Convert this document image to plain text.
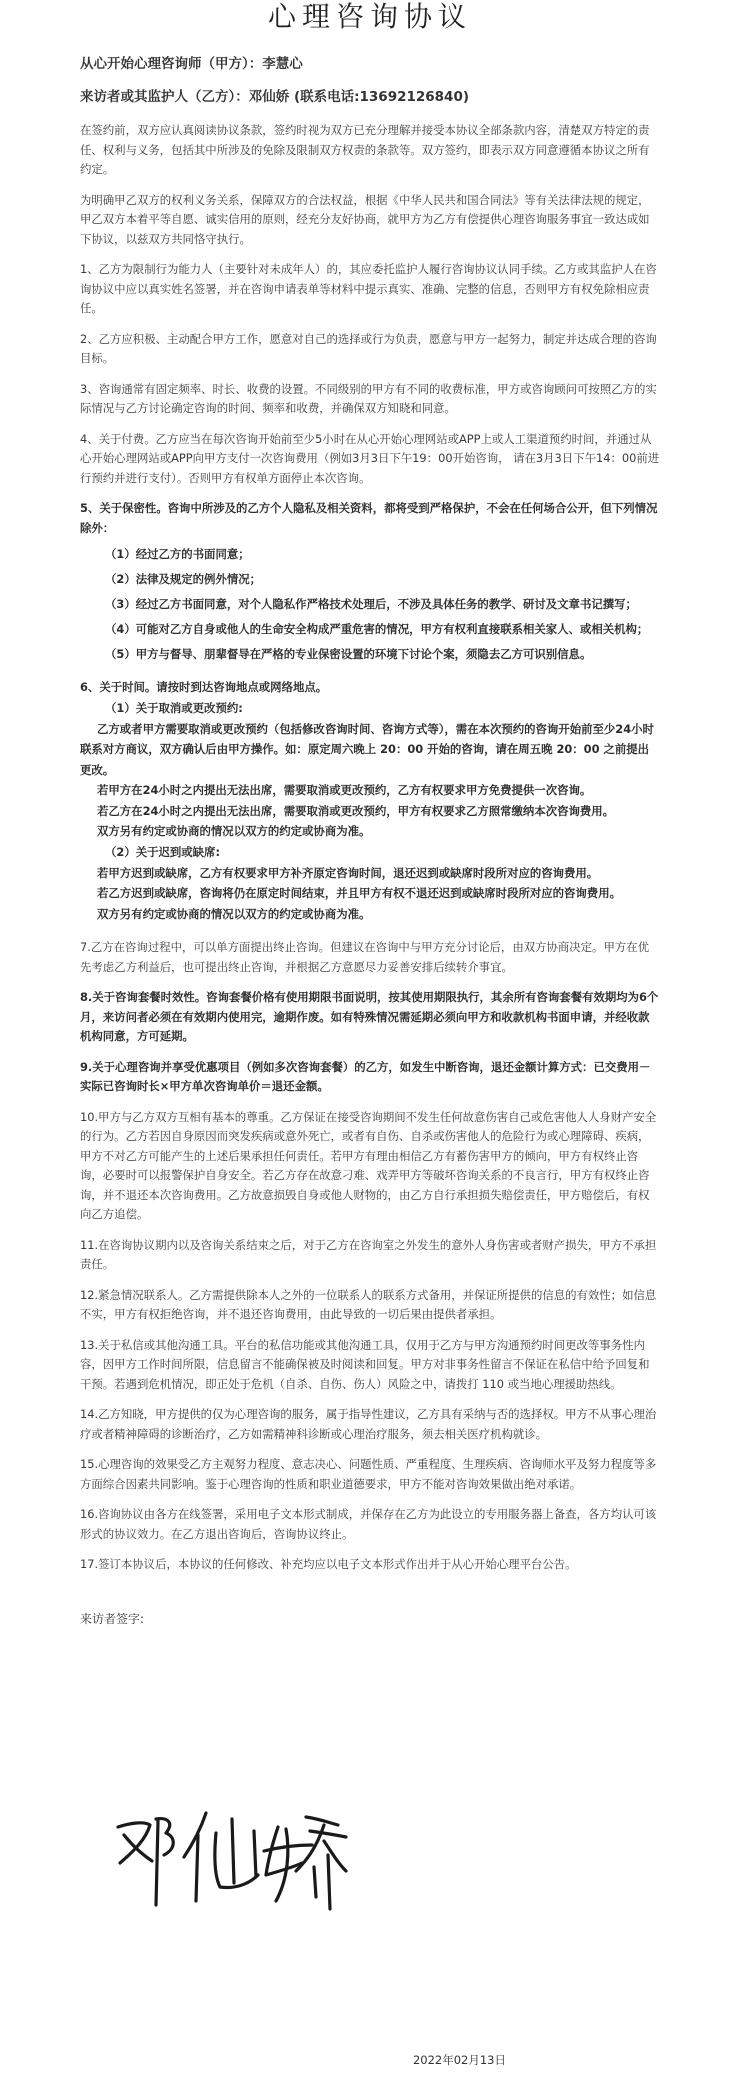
心理咨询协议

从心开始心理咨询师（甲方）：李慧心

来访者或其监护人（乙方）：邓仙娇 (联系电话:13692126840)

在签约前，双方应认真阅读协议条款，签约时视为双方已充分理解并接受本协议全部条款内容，清楚双方特定的责任、权利与义务，包括其中所涉及的免除及限制双方权责的条款等。双方签约，即表示双方同意遵循本协议之所有约定。

为明确甲乙双方的权利义务关系，保障双方的合法权益，根据《中华人民共和国合同法》等有关法律法规的规定，甲乙双方本着平等自愿、诚实信用的原则，经充分友好协商，就甲方为乙方有偿提供心理咨询服务事宜一致达成如下协议，以兹双方共同恪守执行。

1、乙方为限制行为能力人（主要针对未成年人）的，其应委托监护人履行咨询协议认同手续。乙方或其监护人在咨询协议中应以真实姓名签署，并在咨询申请表单等材料中提示真实、准确、完整的信息，否则甲方有权免除相应责任。

2、乙方应积极、主动配合甲方工作，愿意对自己的选择或行为负责，愿意与甲方一起努力，制定并达成合理的咨询目标。

3、咨询通常有固定频率、时长、收费的设置。不同级别的甲方有不同的收费标准，甲方或咨询顾问可按照乙方的实际情况与乙方讨论确定咨询的时间、频率和收费，并确保双方知晓和同意。

4、关于付费。乙方应当在每次咨询开始前至少5小时在从心开始心理网站或APP上或人工渠道预约时间，并通过从心开始心理网站或APP向甲方支付一次咨询费用（例如3月3日下午19：00开始咨询， 请在3月3日下午14：00前进行预约并进行支付）。否则甲方有权单方面停止本次咨询。

5、关于保密性。咨询中所涉及的乙方个人隐私及相关资料，都将受到严格保护，不会在任何场合公开，但下列情况除外：

（1）经过乙方的书面同意；
（2）法律及规定的例外情况；
（3）经过乙方书面同意，对个人隐私作严格技术处理后，不涉及具体任务的教学、研讨及文章书记撰写；
（4）可能对乙方自身或他人的生命安全构成严重危害的情况，甲方有权利直接联系相关家人、或相关机构；
（5）甲方与督导、朋辈督导在严格的专业保密设置的环境下讨论个案，须隐去乙方可识别信息。

6、关于时间。请按时到达咨询地点或网络地点。

（1）关于取消或更改预约:

乙方或者甲方需要取消或更改预约（包括修改咨询时间、咨询方式等），需在本次预约的咨询开始前至少24小时联系对方商议，双方确认后由甲方操作。如：原定周六晚上 20：00 开始的咨询，请在周五晚 20：00 之前提出更改。

若甲方在24小时之内提出无法出席，需要取消或更改预约，乙方有权要求甲方免费提供一次咨询。

若乙方在24小时之内提出无法出席，需要取消或更改预约，甲方有权要求乙方照常缴纳本次咨询费用。

双方另有约定或协商的情况以双方的约定或协商为准。

（2）关于迟到或缺席:

若甲方迟到或缺席，乙方有权要求甲方补齐原定咨询时间，退还迟到或缺席时段所对应的咨询费用。

若乙方迟到或缺席，咨询将仍在原定时间结束，并且甲方有权不退还迟到或缺席时段所对应的咨询费用。

双方另有约定或协商的情况以双方的约定或协商为准。

7.乙方在咨询过程中，可以单方面提出终止咨询。但建议在咨询中与甲方充分讨论后，由双方协商决定。甲方在优先考虑乙方利益后，也可提出终止咨询，并根据乙方意愿尽力妥善安排后续转介事宜。

8.关于咨询套餐时效性。咨询套餐价格有使用期限书面说明，按其使用期限执行，其余所有咨询套餐有效期均为6个月，来访问者必须在有效期内使用完，逾期作废。如有特殊情况需延期必须向甲方和收款机构书面申请，并经收款机构同意，方可延期。

9.关于心理咨询并享受优惠项目（例如多次咨询套餐）的乙方，如发生中断咨询，退还金额计算方式：已交费用－实际已咨询时长×甲方单次咨询单价＝退还金额。

10.甲方与乙方双方互相有基本的尊重。乙方保证在接受咨询期间不发生任何故意伤害自己或危害他人人身财产安全的行为。乙方若因自身原因而突发疾病或意外死亡，或者有自伤、自杀或伤害他人的危险行为或心理障碍、疾病，甲方不对乙方可能产生的上述后果承担任何责任。若甲方有理由相信乙方有蓄伤害甲方的倾向，甲方有权终止咨询，必要时可以报警保护自身安全。若乙方存在故意刁难、戏弄甲方等破坏咨询关系的不良言行，甲方有权终止咨询，并不退还本次咨询费用。乙方故意损毁自身或他人财物的，由乙方自行承担损失赔偿责任，甲方赔偿后，有权向乙方追偿。

11.在咨询协议期内以及咨询关系结束之后，对于乙方在咨询室之外发生的意外人身伤害或者财产损失，甲方不承担责任。

12.紧急情况联系人。乙方需提供除本人之外的一位联系人的联系方式备用，并保证所提供的信息的有效性；如信息不实，甲方有权拒绝咨询，并不退还咨询费用，由此导致的一切后果由提供者承担。

13.关于私信或其他沟通工具。平台的私信功能或其他沟通工具，仅用于乙方与甲方沟通预约时间更改等事务性内容，因甲方工作时间所限，信息留言不能确保被及时阅读和回复。甲方对非事务性留言不保证在私信中给予回复和干预。若遇到危机情况，即正处于危机（自杀、自伤、伤人）风险之中，请拨打 110 或当地心理援助热线。

14.乙方知晓，甲方提供的仅为心理咨询的服务，属于指导性建议，乙方具有采纳与否的选择权。甲方不从事心理治疗或者精神障碍的诊断治疗，乙方如需精神科诊断或心理治疗服务，须去相关医疗机构就诊。

15.心理咨询的效果受乙方主观努力程度、意志决心、问题性质、严重程度、生理疾病、咨询师水平及努力程度等多方面综合因素共同影响。鉴于心理咨询的性质和职业道德要求，甲方不能对咨询效果做出绝对承诺。

16.咨询协议由各方在线签署，采用电子文本形式制成，并保存在乙方为此设立的专用服务器上备查，各方均认可该形式的协议效力。在乙方退出咨询后，咨询协议终止。

17.签订本协议后，本协议的任何修改、补充均应以电子文本形式作出并于从心开始心理平台公告。

来访者签字:
2022年02月13日
